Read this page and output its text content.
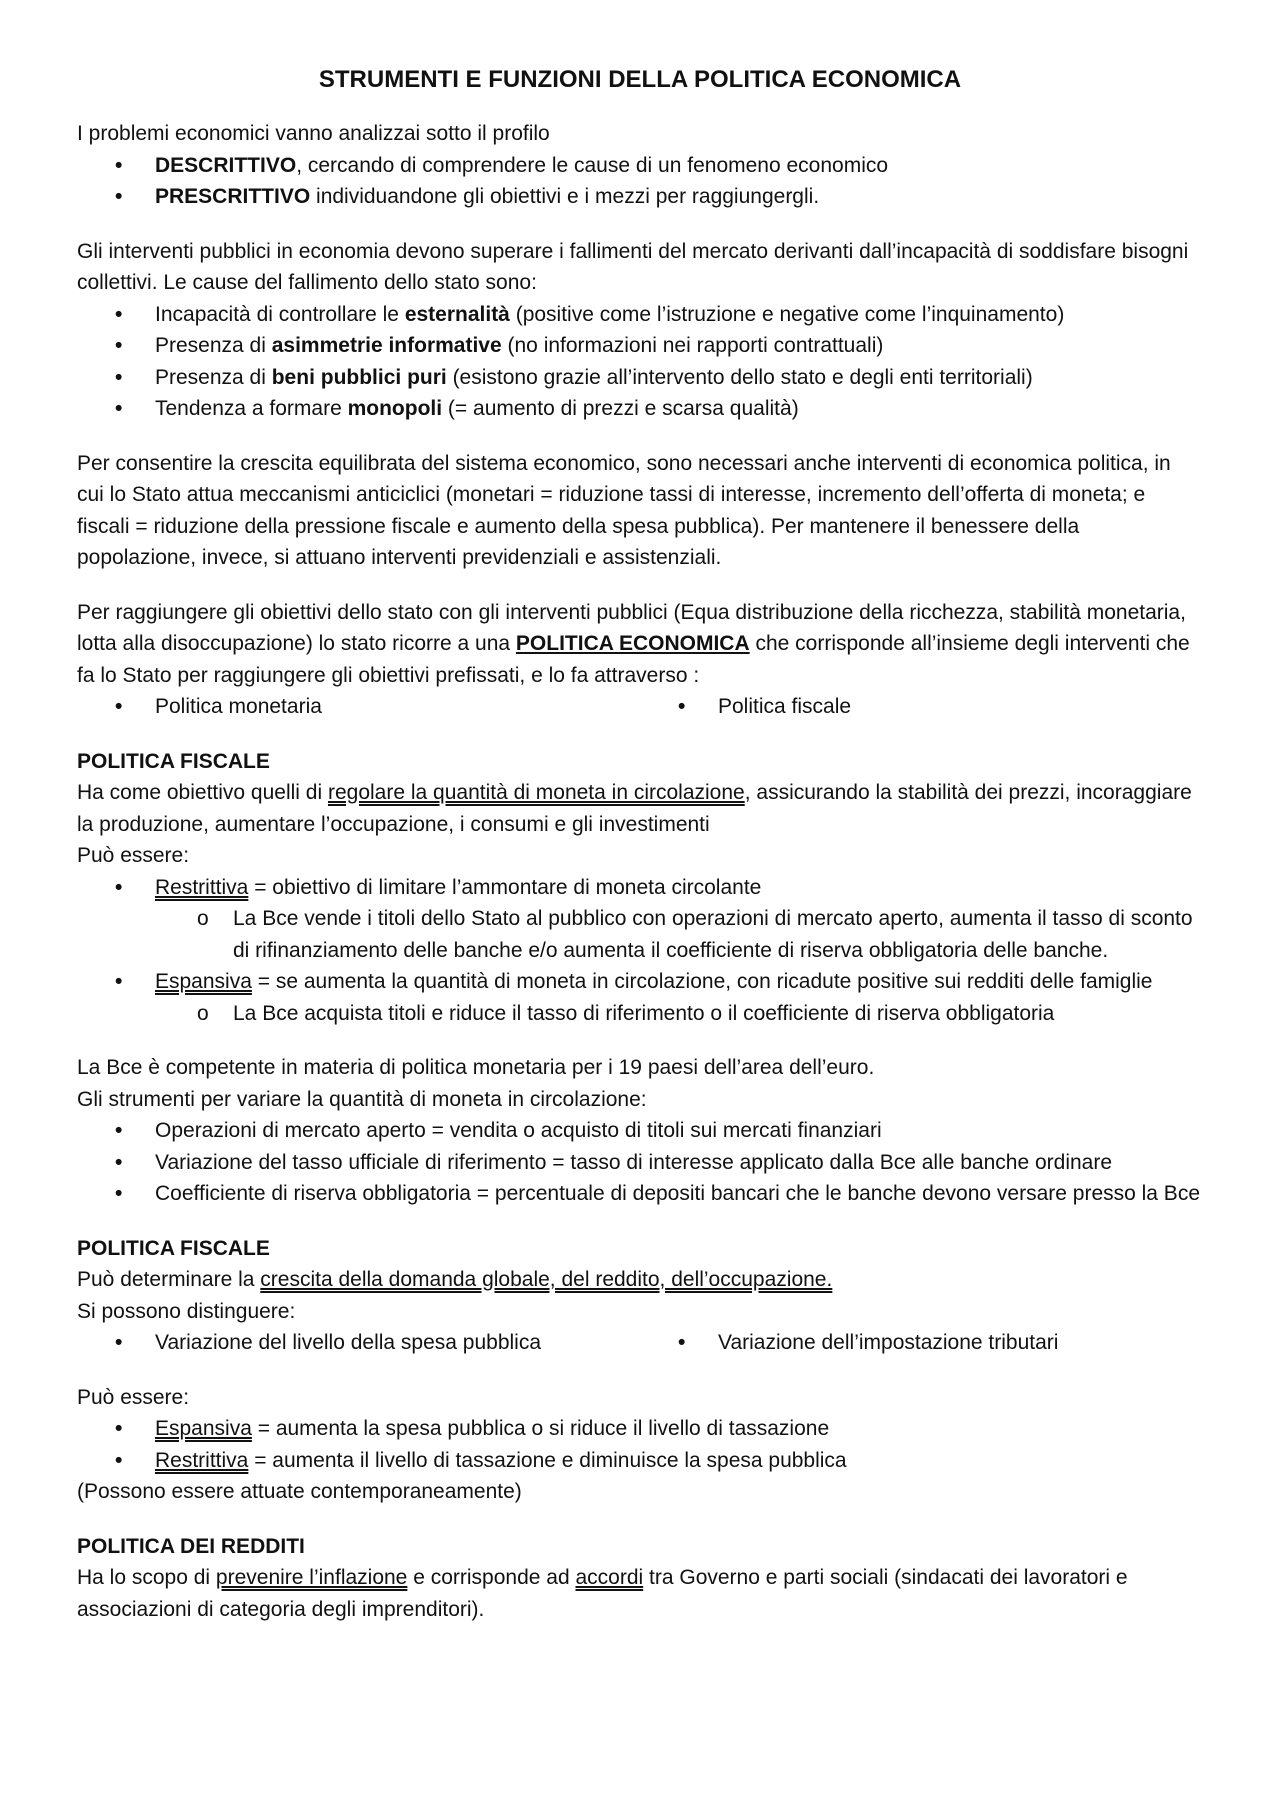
STRUMENTI E FUNZIONI DELLA POLITICA ECONOMICA

I problemi economici vanno analizzai sotto il profilo

• DESCRITTIVO, cercando di comprendere le cause di un fenomeno economico
• PRESCRITTIVO individuandone gli obiettivi e i mezzi per raggiungergli.

Gli interventi pubblici in economia devono superare i fallimenti del mercato derivanti dall’incapacità di soddisfare bisogni collettivi. Le cause del fallimento dello stato sono:

• Incapacità di controllare le esternalità (positive come l’istruzione e negative come l’inquinamento)
• Presenza di asimmetrie informative (no informazioni nei rapporti contrattuali)
• Presenza di beni pubblici puri (esistono grazie all’intervento dello stato e degli enti territoriali)
• Tendenza a formare monopoli (= aumento di prezzi e scarsa qualità)

Per consentire la crescita equilibrata del sistema economico, sono necessari anche interventi di economica politica, in cui lo Stato attua meccanismi anticiclici (monetari = riduzione tassi di interesse, incremento dell’offerta di moneta; e fiscali = riduzione della pressione fiscale e aumento della spesa pubblica). Per mantenere il benessere della popolazione, invece, si attuano interventi previdenziali e assistenziali.

Per raggiungere gli obiettivi dello stato con gli interventi pubblici (Equa distribuzione della ricchezza, stabilità monetaria, lotta alla disoccupazione) lo stato ricorre a una POLITICA ECONOMICA che corrisponde all’insieme degli interventi che fa lo Stato per raggiungere gli obiettivi prefissati, e lo fa attraverso :

• Politica monetaria	• Politica fiscale

POLITICA FISCALE

Ha come obiettivo quelli di regolare la quantità di moneta in circolazione, assicurando la stabilità dei prezzi, incoraggiare la produzione, aumentare l’occupazione, i consumi e gli investimenti

Può essere:

• Restrittiva = obiettivo di limitare l’ammontare di moneta circolante
o La Bce vende i titoli dello Stato al pubblico con operazioni di mercato aperto, aumenta il tasso di sconto di rifinanziamento delle banche e/o aumenta il coefficiente di riserva obbligatoria delle banche.
• Espansiva = se aumenta la quantità di moneta in circolazione, con ricadute positive sui redditi delle famiglie
o La Bce acquista titoli e riduce il tasso di riferimento o il coefficiente di riserva obbligatoria

La Bce è competente in materia di politica monetaria per i 19 paesi dell’area dell’euro.

Gli strumenti per variare la quantità di moneta in circolazione:

• Operazioni di mercato aperto = vendita o acquisto di titoli sui mercati finanziari
• Variazione del tasso ufficiale di riferimento = tasso di interesse applicato dalla Bce alle banche ordinare
• Coefficiente di riserva obbligatoria = percentuale di depositi bancari che le banche devono versare presso la Bce

POLITICA FISCALE

Può determinare la crescita della domanda globale, del reddito, dell’occupazione.

Si possono distinguere:

• Variazione del livello della spesa pubblica	• Variazione dell’impostazione tributari

Può essere:

• Espansiva = aumenta la spesa pubblica o si riduce il livello di tassazione
• Restrittiva = aumenta il livello di tassazione e diminuisce la spesa pubblica

(Possono essere attuate contemporaneamente)

POLITICA DEI REDDITI

Ha lo scopo di prevenire l’inflazione e corrisponde ad accordi tra Governo e parti sociali (sindacati dei lavoratori e associazioni di categoria degli imprenditori).
